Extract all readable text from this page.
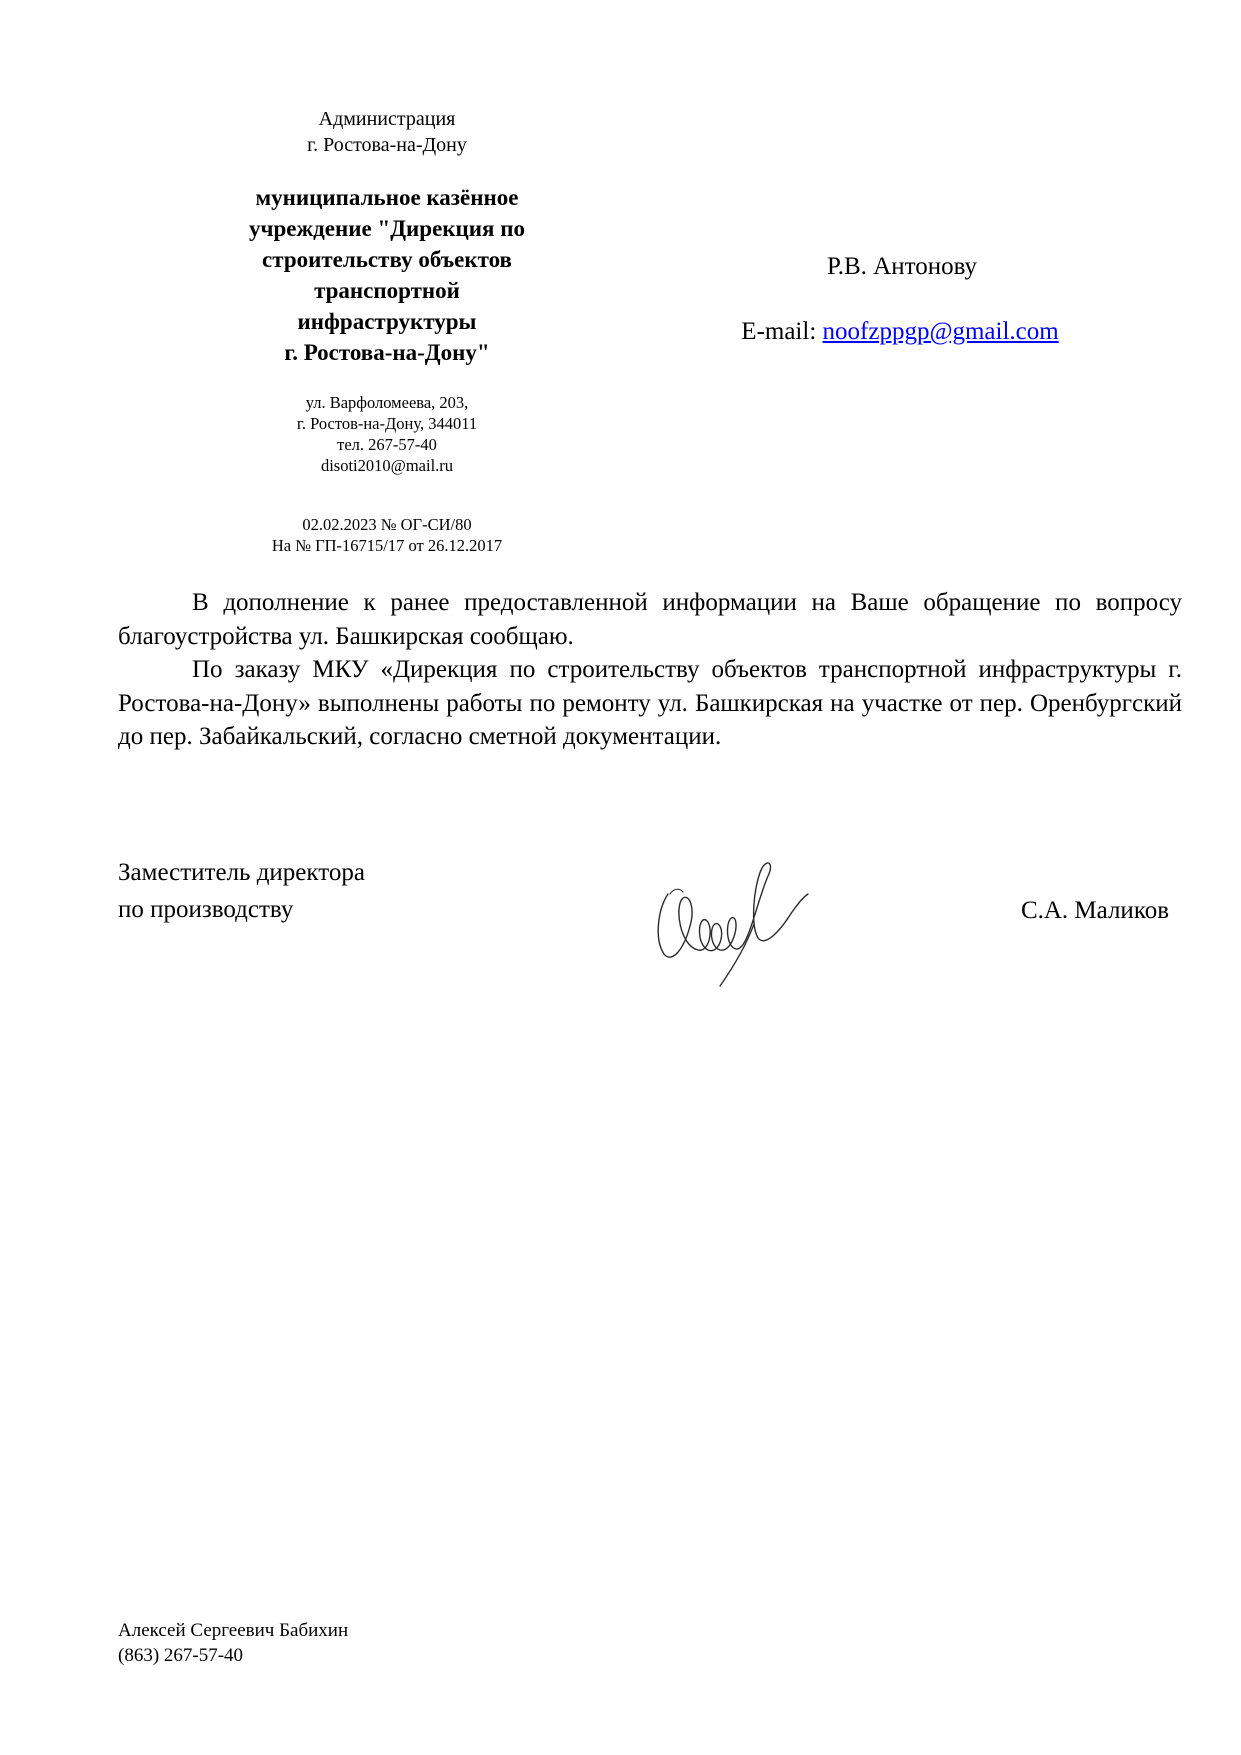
Администрация
г. Ростова-на-Дону
муниципальное казённое
учреждение "Дирекция по
строительству объектов
транспортной
инфраструктуры
г. Ростова-на-Дону"
ул. Варфоломеева, 203,
г. Ростов-на-Дону, 344011
тел. 267-57-40
disoti2010@mail.ru
02.02.2023 № ОГ-СИ/80
На № ГП-16715/17 от 26.12.2017
Р.В. Антонову
E-mail: noofzppgp@gmail.com

В дополнение к ранее предоставленной информации на Ваше обращение по вопросу благоустройства ул. Башкирская сообщаю.

По заказу МКУ «Дирекция по строительству объектов транспортной инфраструктуры г. Ростова-на-Дону» выполнены работы по ремонту ул. Башкирская на участке от пер. Оренбургский до пер. Забайкальский, согласно сметной документации.

Заместитель директора
по производству	С.А. Маликов
Алексей Сергеевич Бабихин
(863) 267-57-40
